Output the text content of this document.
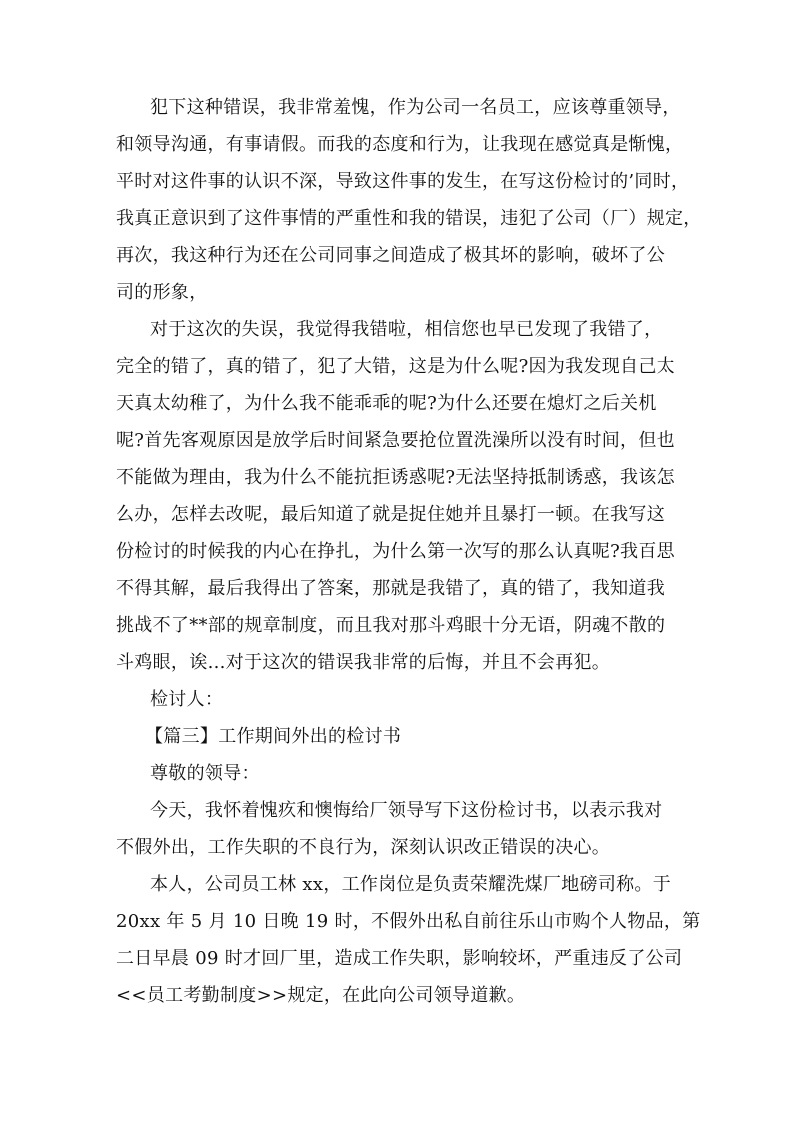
犯下这种错误，我非常羞愧，作为公司一名员工，应该尊重领导，
和领导沟通，有事请假。而我的态度和行为，让我现在感觉真是惭愧，
平时对这件事的认识不深，导致这件事的发生，在写这份检讨的’同时，
我真正意识到了这件事情的严重性和我的错误，违犯了公司（厂）规定，
再次，我这种行为还在公司同事之间造成了极其坏的影响，破坏了公
司的形象，
对于这次的失误，我觉得我错啦，相信您也早已发现了我错了，
完全的错了，真的错了，犯了大错，这是为什么呢?因为我发现自己太
天真太幼稚了，为什么我不能乖乖的呢?为什么还要在熄灯之后关机
呢?首先客观原因是放学后时间紧急要抢位置洗澡所以没有时间，但也
不能做为理由，我为什么不能抗拒诱惑呢?无法坚持抵制诱惑，我该怎
么办，怎样去改呢，最后知道了就是捉住她并且暴打一顿。在我写这
份检讨的时候我的内心在挣扎，为什么第一次写的那么认真呢?我百思
不得其解，最后我得出了答案，那就是我错了，真的错了，我知道我
挑战不了**部的规章制度，而且我对那斗鸡眼十分无语，阴魂不散的
斗鸡眼，诶…对于这次的错误我非常的后悔，并且不会再犯。
检讨人：
【篇三】工作期间外出的检讨书
尊敬的领导：
今天，我怀着愧疚和懊悔给厂领导写下这份检讨书，以表示我对
不假外出，工作失职的不良行为，深刻认识改正错误的决心。
本人，公司员工林 xx，工作岗位是负责荣耀洗煤厂地磅司称。于
20xx 年 5 月 10 日晚 19 时，不假外出私自前往乐山市购个人物品，第
二日早晨 09 时才回厂里，造成工作失职，影响较坏，严重违反了公司
<<员工考勤制度>>规定，在此向公司领导道歉。
